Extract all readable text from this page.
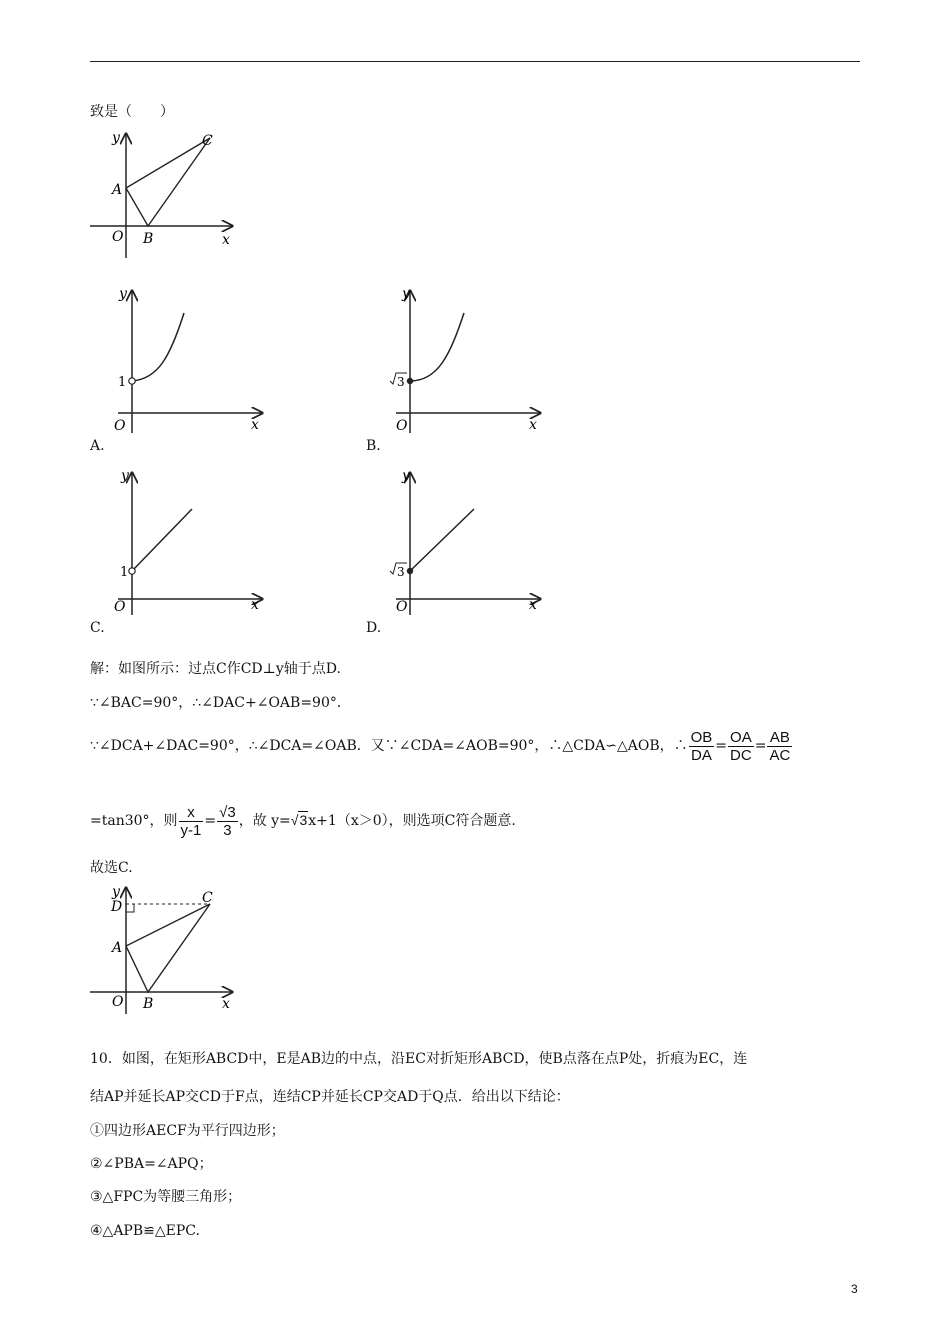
致是（　　）
y
x
O
A
B
C
y
x
O
1
A.
y
x
O
3
B.
y
x
O
1
C.
y
x
O
3
D.
解：如图所示：过点C作CD⊥y轴于点D.
∵∠BAC=90°，∴∠DAC+∠OAB=90°．
∵∠DCA+∠DAC=90°，∴∠DCA=∠OAB．又∵∠CDA=∠AOB=90°，∴△CDA∽△AOB，∴ $\frac{OB}{DA} = \frac{OA}{DC} = \frac{AB}{AC}$
=tan30°，则 $\frac{x}{y-1} = \frac{√3}{3}$ ，故 y=√3x+1（x＞0），则选项C符合题意.
故选C.
y
x
O
A
B
C
D
10．如图，在矩形ABCD中，E是AB边的中点，沿EC对折矩形ABCD，使B点落在点P处，折痕为EC，连
结AP并延长AP交CD于F点，连结CP并延长CP交AD于Q点．给出以下结论：
①四边形AECF为平行四边形；
②∠PBA=∠APQ；
③△FPC为等腰三角形；
④△APB≌△EPC.
3
